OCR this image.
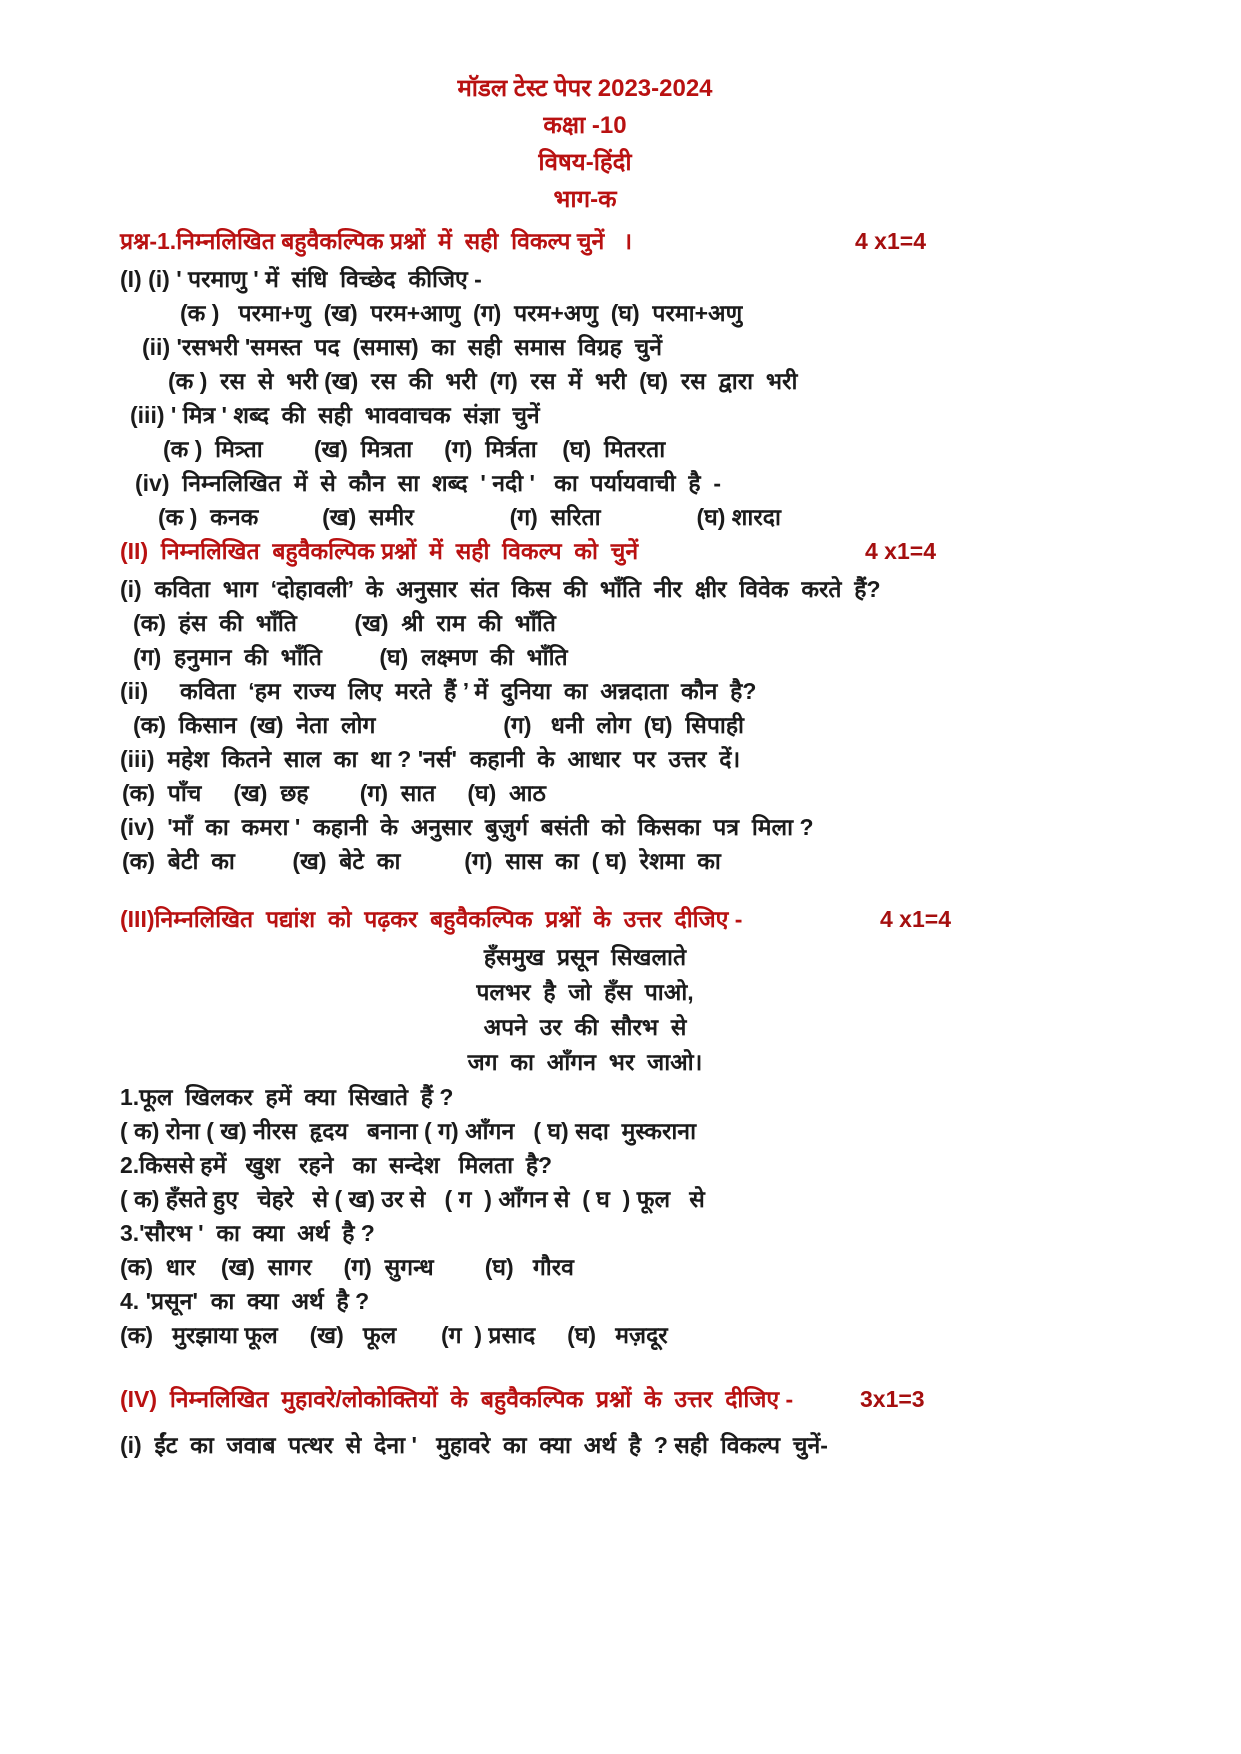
मॉडल टेस्ट पेपर 2023-2024
कक्षा -10
विषय-हिंदी
भाग-क
प्रश्न-1.निम्नलिखित बहुवैकल्पिक प्रश्नों  में  सही  विकल्प चुनें   ।	4 x1=4
(I) (i) ' परमाणु ' में  संधि  विच्छेद  कीजिए -
(क )   परमा+णु  (ख)  परम+आणु  (ग)  परम+अणु  (घ)  परमा+अणु
(ii) 'रसभरी 'समस्त  पद  (समास)  का  सही  समास  विग्रह  चुनें
(क )  रस  से  भरी (ख)  रस  की  भरी  (ग)  रस  में  भरी  (घ)  रस  द्वारा  भरी
(iii) ' मित्र ' शब्द  की  सही  भाववाचक  संज्ञा  चुनें
(क )  मित्र्ता        (ख)  मित्रता     (ग)  मिर्त्रता    (घ)  मितरता
(iv)  निम्नलिखित  में  से  कौन  सा  शब्द  ' नदी '   का  पर्यायवाची  है  -
(क )  कनक          (ख)  समीर               (ग)  सरिता               (घ) शारदा
(II)  निम्नलिखित  बहुवैकल्पिक प्रश्नों  में  सही  विकल्प  को  चुनें	4 x1=4
(i)  कविता  भाग  ‘दोहावली’  के  अनुसार  संत  किस  की  भाँति  नीर  क्षीर  विवेक  करते  हैं?
(क)  हंस  की  भाँति         (ख)  श्री  राम  की  भाँति
(ग)  हनुमान  की  भाँति         (घ)  लक्ष्मण  की  भाँति
(ii)     कविता  ‘हम  राज्य  लिए  मरते  हैं ’ में  दुनिया  का  अन्नदाता  कौन  है?
(क)  किसान  (ख)  नेता  लोग                    (ग)   धनी  लोग  (घ)  सिपाही
(iii)  महेश  कितने  साल  का  था ? 'नर्स'  कहानी  के  आधार  पर  उत्तर  दें।
(क)  पाँच     (ख)  छह        (ग)  सात     (घ)  आठ
(iv)  'माँ  का  कमरा '  कहानी  के  अनुसार  बुज़ुर्ग  बसंती  को  किसका  पत्र  मिला ?
(क)  बेटी  का         (ख)  बेटे  का          (ग)  सास  का  ( घ)  रेशमा  का
(III)निम्नलिखित  पद्यांश  को  पढ़कर  बहुवैकल्पिक  प्रश्नों  के  उत्तर  दीजिए -	4 x1=4
हँसमुख  प्रसून  सिखलाते
पलभर  है  जो  हँस  पाओ,
अपने  उर  की  सौरभ  से
जग  का  आँगन  भर  जाओ।
1.फूल  खिलकर  हमें  क्या  सिखाते  हैं ?
( क) रोना ( ख) नीरस  हृदय   बनाना ( ग) आँगन   ( घ) सदा  मुस्कराना
2.किससे हमें   खुश   रहने   का  सन्देश   मिलता  है?
( क) हँसते हुए   चेहरे   से ( ख) उर से   ( ग  ) आँगन से  ( घ  ) फूल   से
3.'सौरभ '  का  क्या  अर्थ  है ?
(क)  धार    (ख)  सागर     (ग)  सुगन्ध        (घ)   गौरव
4. 'प्रसून'  का  क्या  अर्थ  है ?
(क)   मुरझाया फूल     (ख)   फूल       (ग  ) प्रसाद     (घ)   मज़दूर
(IV)  निम्नलिखित  मुहावरे/लोकोक्तियों  के  बहुवैकल्पिक  प्रश्नों  के  उत्तर  दीजिए -	3x1=3
(i)  ईंट  का  जवाब  पत्थर  से  देना '   मुहावरे  का  क्या  अर्थ  है  ? सही  विकल्प  चुनें-
